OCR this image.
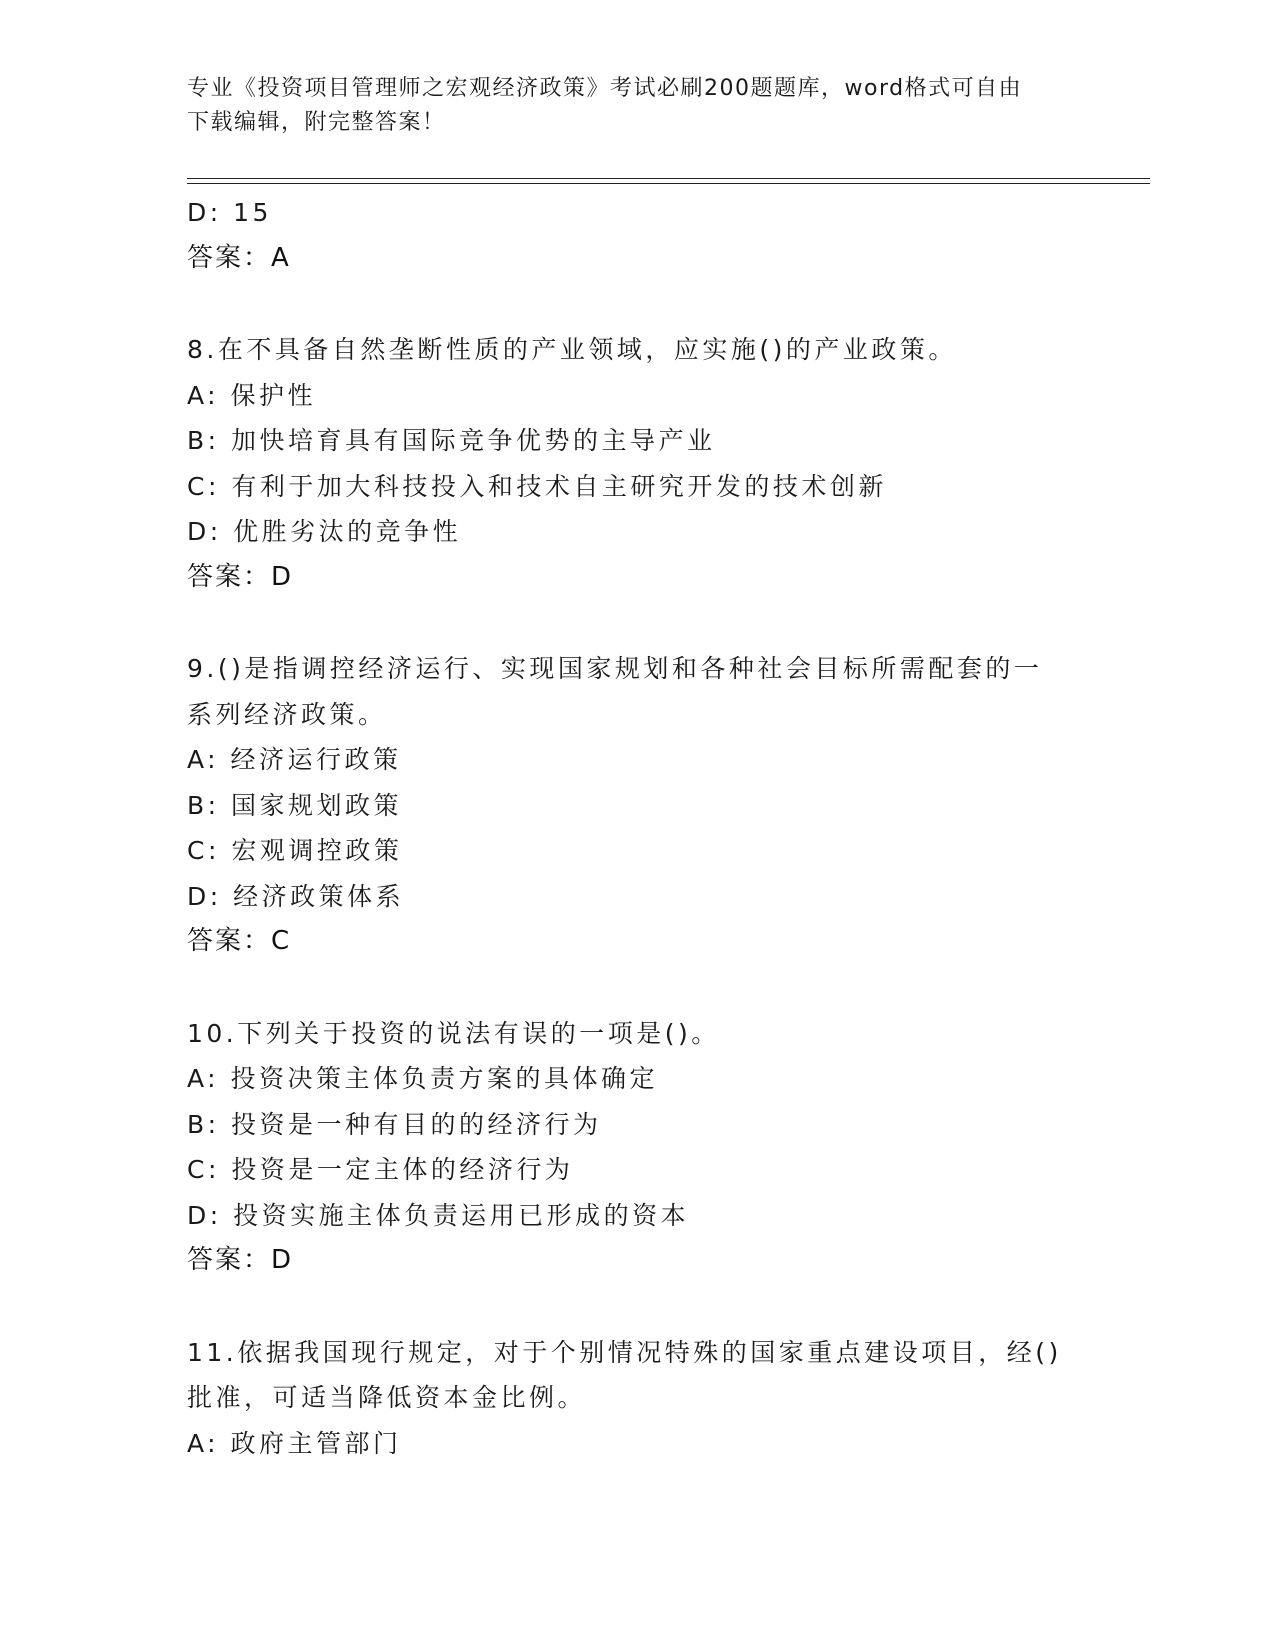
专业《投资项目管理师之宏观经济政策》考试必刷200题题库，word格式可自由
下载编辑，附完整答案！
D: 15
答案：A
8.在不具备自然垄断性质的产业领域，应实施()的产业政策。
A: 保护性
B: 加快培育具有国际竞争优势的主导产业
C: 有利于加大科技投入和技术自主研究开发的技术创新
D: 优胜劣汰的竞争性
答案：D
9.()是指调控经济运行、实现国家规划和各种社会目标所需配套的一
系列经济政策。
A: 经济运行政策
B: 国家规划政策
C: 宏观调控政策
D: 经济政策体系
答案：C
10.下列关于投资的说法有误的一项是()。
A: 投资决策主体负责方案的具体确定
B: 投资是一种有目的的经济行为
C: 投资是一定主体的经济行为
D: 投资实施主体负责运用已形成的资本
答案：D
11.依据我国现行规定，对于个别情况特殊的国家重点建设项目，经()
批准，可适当降低资本金比例。
A: 政府主管部门
